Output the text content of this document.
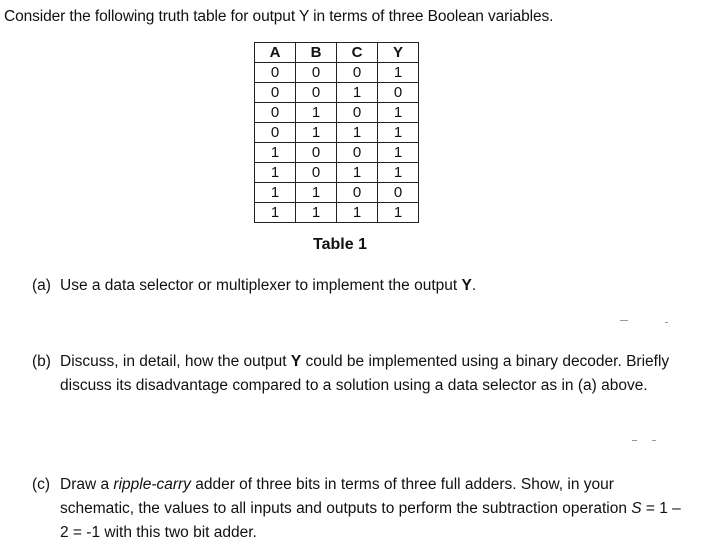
Consider the following truth table for output Y in terms of three Boolean variables.
A	B	C	Y
0	0	0	1
0	0	1	0
0	1	0	1
0	1	1	1
1	0	0	1
1	0	1	1
1	1	0	0
1	1	1	1
Table 1
(a) Use a data selector or multiplexer to implement the output Y.
(b) Discuss, in detail, how the output Y could be implemented using a binary decoder. Briefly discuss its disadvantage compared to a solution using a data selector as in (a) above.
(c) Draw a ripple-carry adder of three bits in terms of three full adders. Show, in your schematic, the values to all inputs and outputs to perform the subtraction operation S = 1 – 2 = -1 with this two bit adder.
